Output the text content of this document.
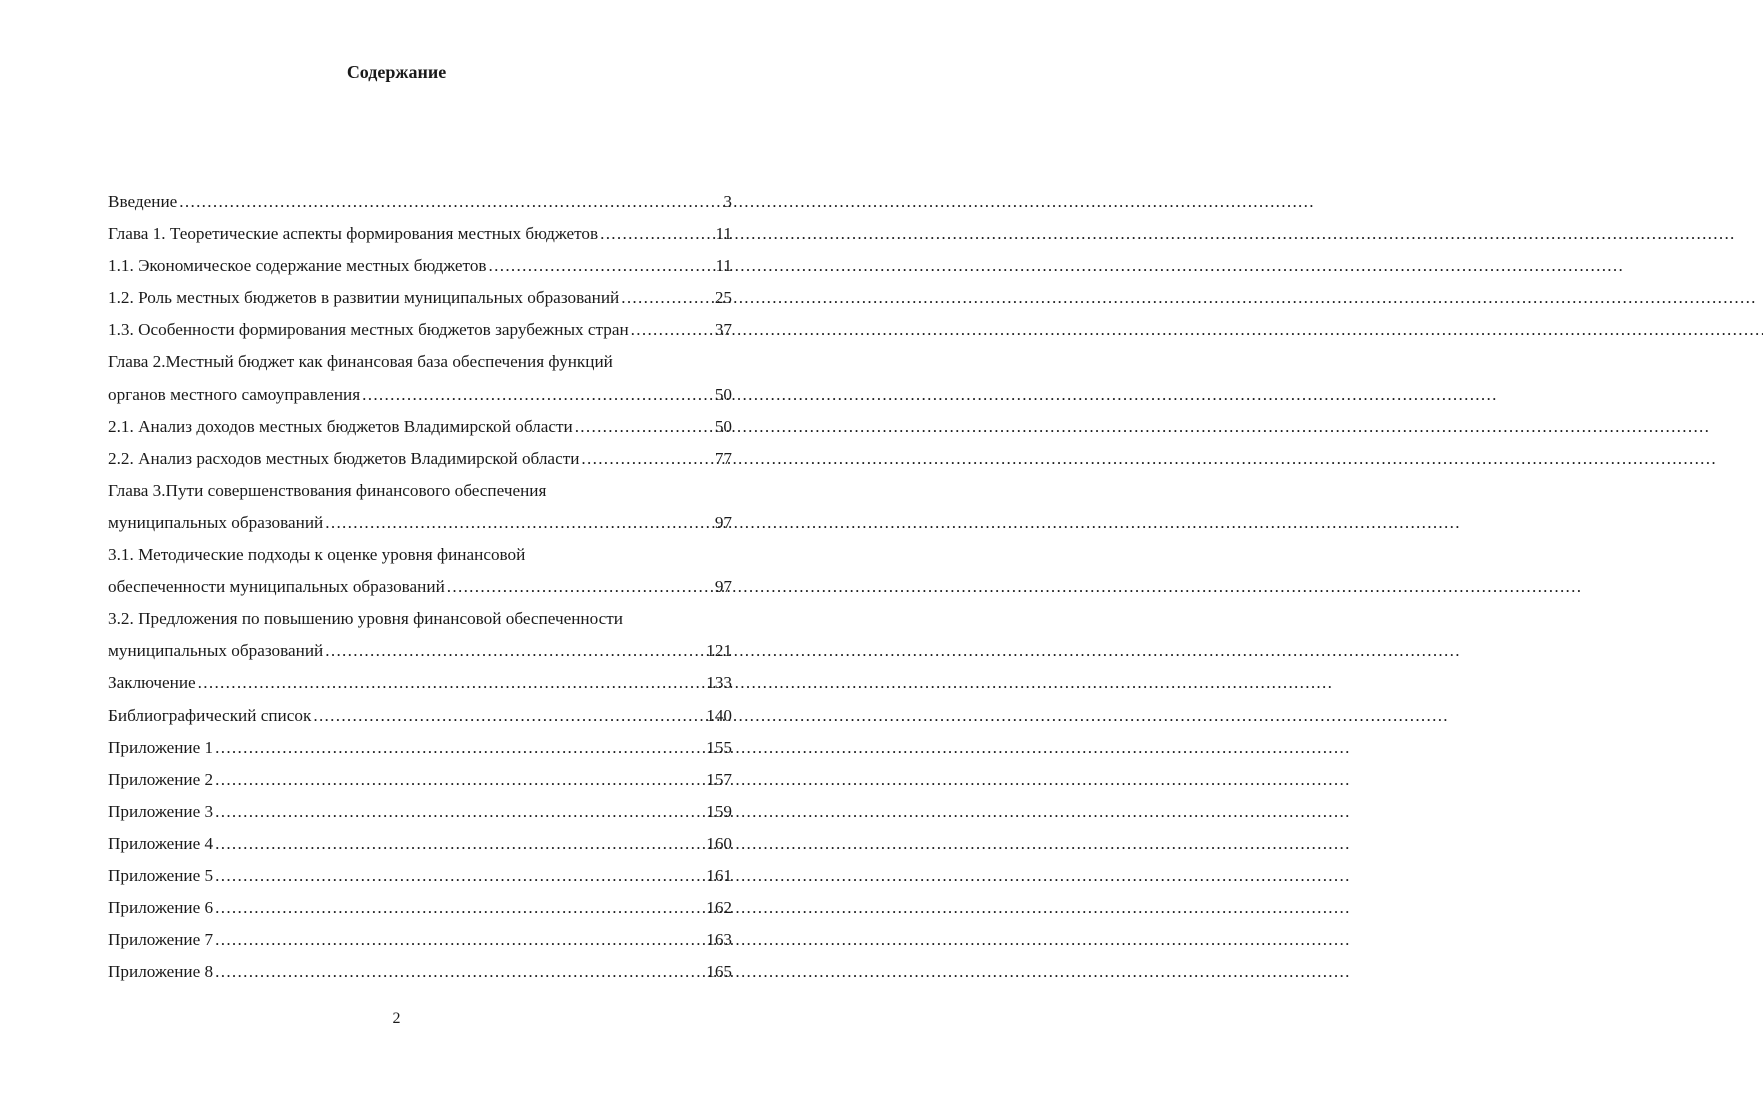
Содержание
Введение . . .	3
Глава 1. Теоретические аспекты формирования местных бюджетов . . .	11
1.1. Экономическое содержание местных бюджетов . . .	11
1.2. Роль местных бюджетов в развитии муниципальных образований . . .	25
1.3. Особенности формирования местных бюджетов зарубежных стран . . .	37
Глава 2.Местный бюджет как финансовая база обеспечения функций
органов местного самоуправления . . .	50
2.1. Анализ доходов местных бюджетов Владимирской области . . .	50
2.2. Анализ расходов местных бюджетов Владимирской области . . .	77
Глава 3.Пути совершенствования финансового обеспечения
муниципальных образований . . .	97
3.1. Методические подходы к оценке уровня финансовой
обеспеченности муниципальных образований . . .	97
3.2. Предложения по повышению уровня финансовой обеспеченности
муниципальных образований . . .	121
Заключение . . .	133
Библиографический список . . .	140
Приложение 1 . . .	155
Приложение 2 . . .	157
Приложение 3 . . .	159
Приложение 4 . . .	160
Приложение 5 . . .	161
Приложение 6 . . .	162
Приложение 7 . . .	163
Приложение 8 . . .	165
2
